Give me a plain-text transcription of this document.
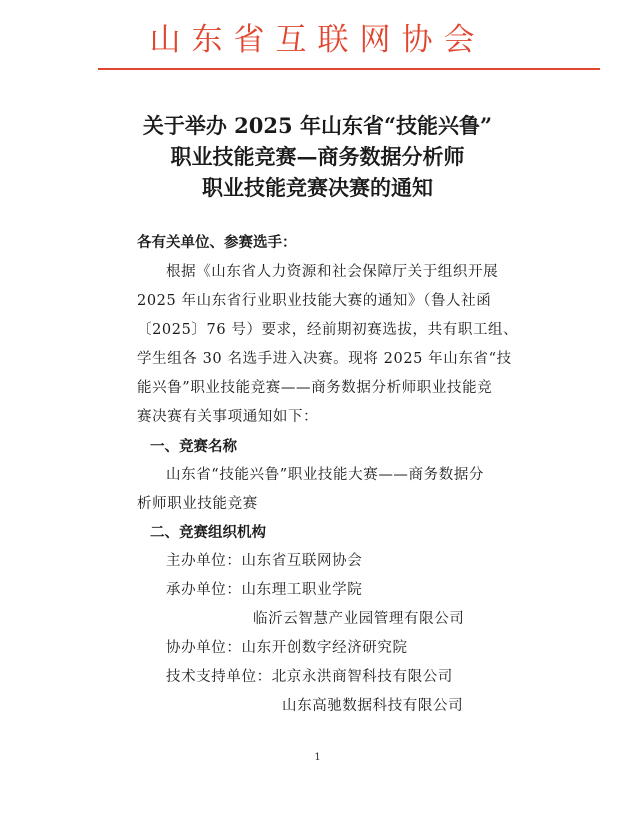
山东省互联网协会
关于举办 2025 年山东省“技能兴鲁”
职业技能竞赛—商务数据分析师
职业技能竞赛决赛的通知
各有关单位、参赛选手：
根据《山东省人力资源和社会保障厅关于组织开展
2025 年山东省行业职业技能大赛的通知》（鲁人社函
〔2025〕76 号）要求，经前期初赛选拔，共有职工组、
学生组各 30 名选手进入决赛。现将 2025 年山东省“技
能兴鲁”职业技能竞赛——商务数据分析师职业技能竞
赛决赛有关事项通知如下：
一、竞赛名称
山东省“技能兴鲁”职业技能大赛——商务数据分
析师职业技能竞赛
二、竞赛组织机构
主办单位：山东省互联网协会
承办单位：山东理工职业学院
临沂云智慧产业园管理有限公司
协办单位：山东开创数字经济研究院
技术支持单位：北京永洪商智科技有限公司
山东高驰数据科技有限公司
1
